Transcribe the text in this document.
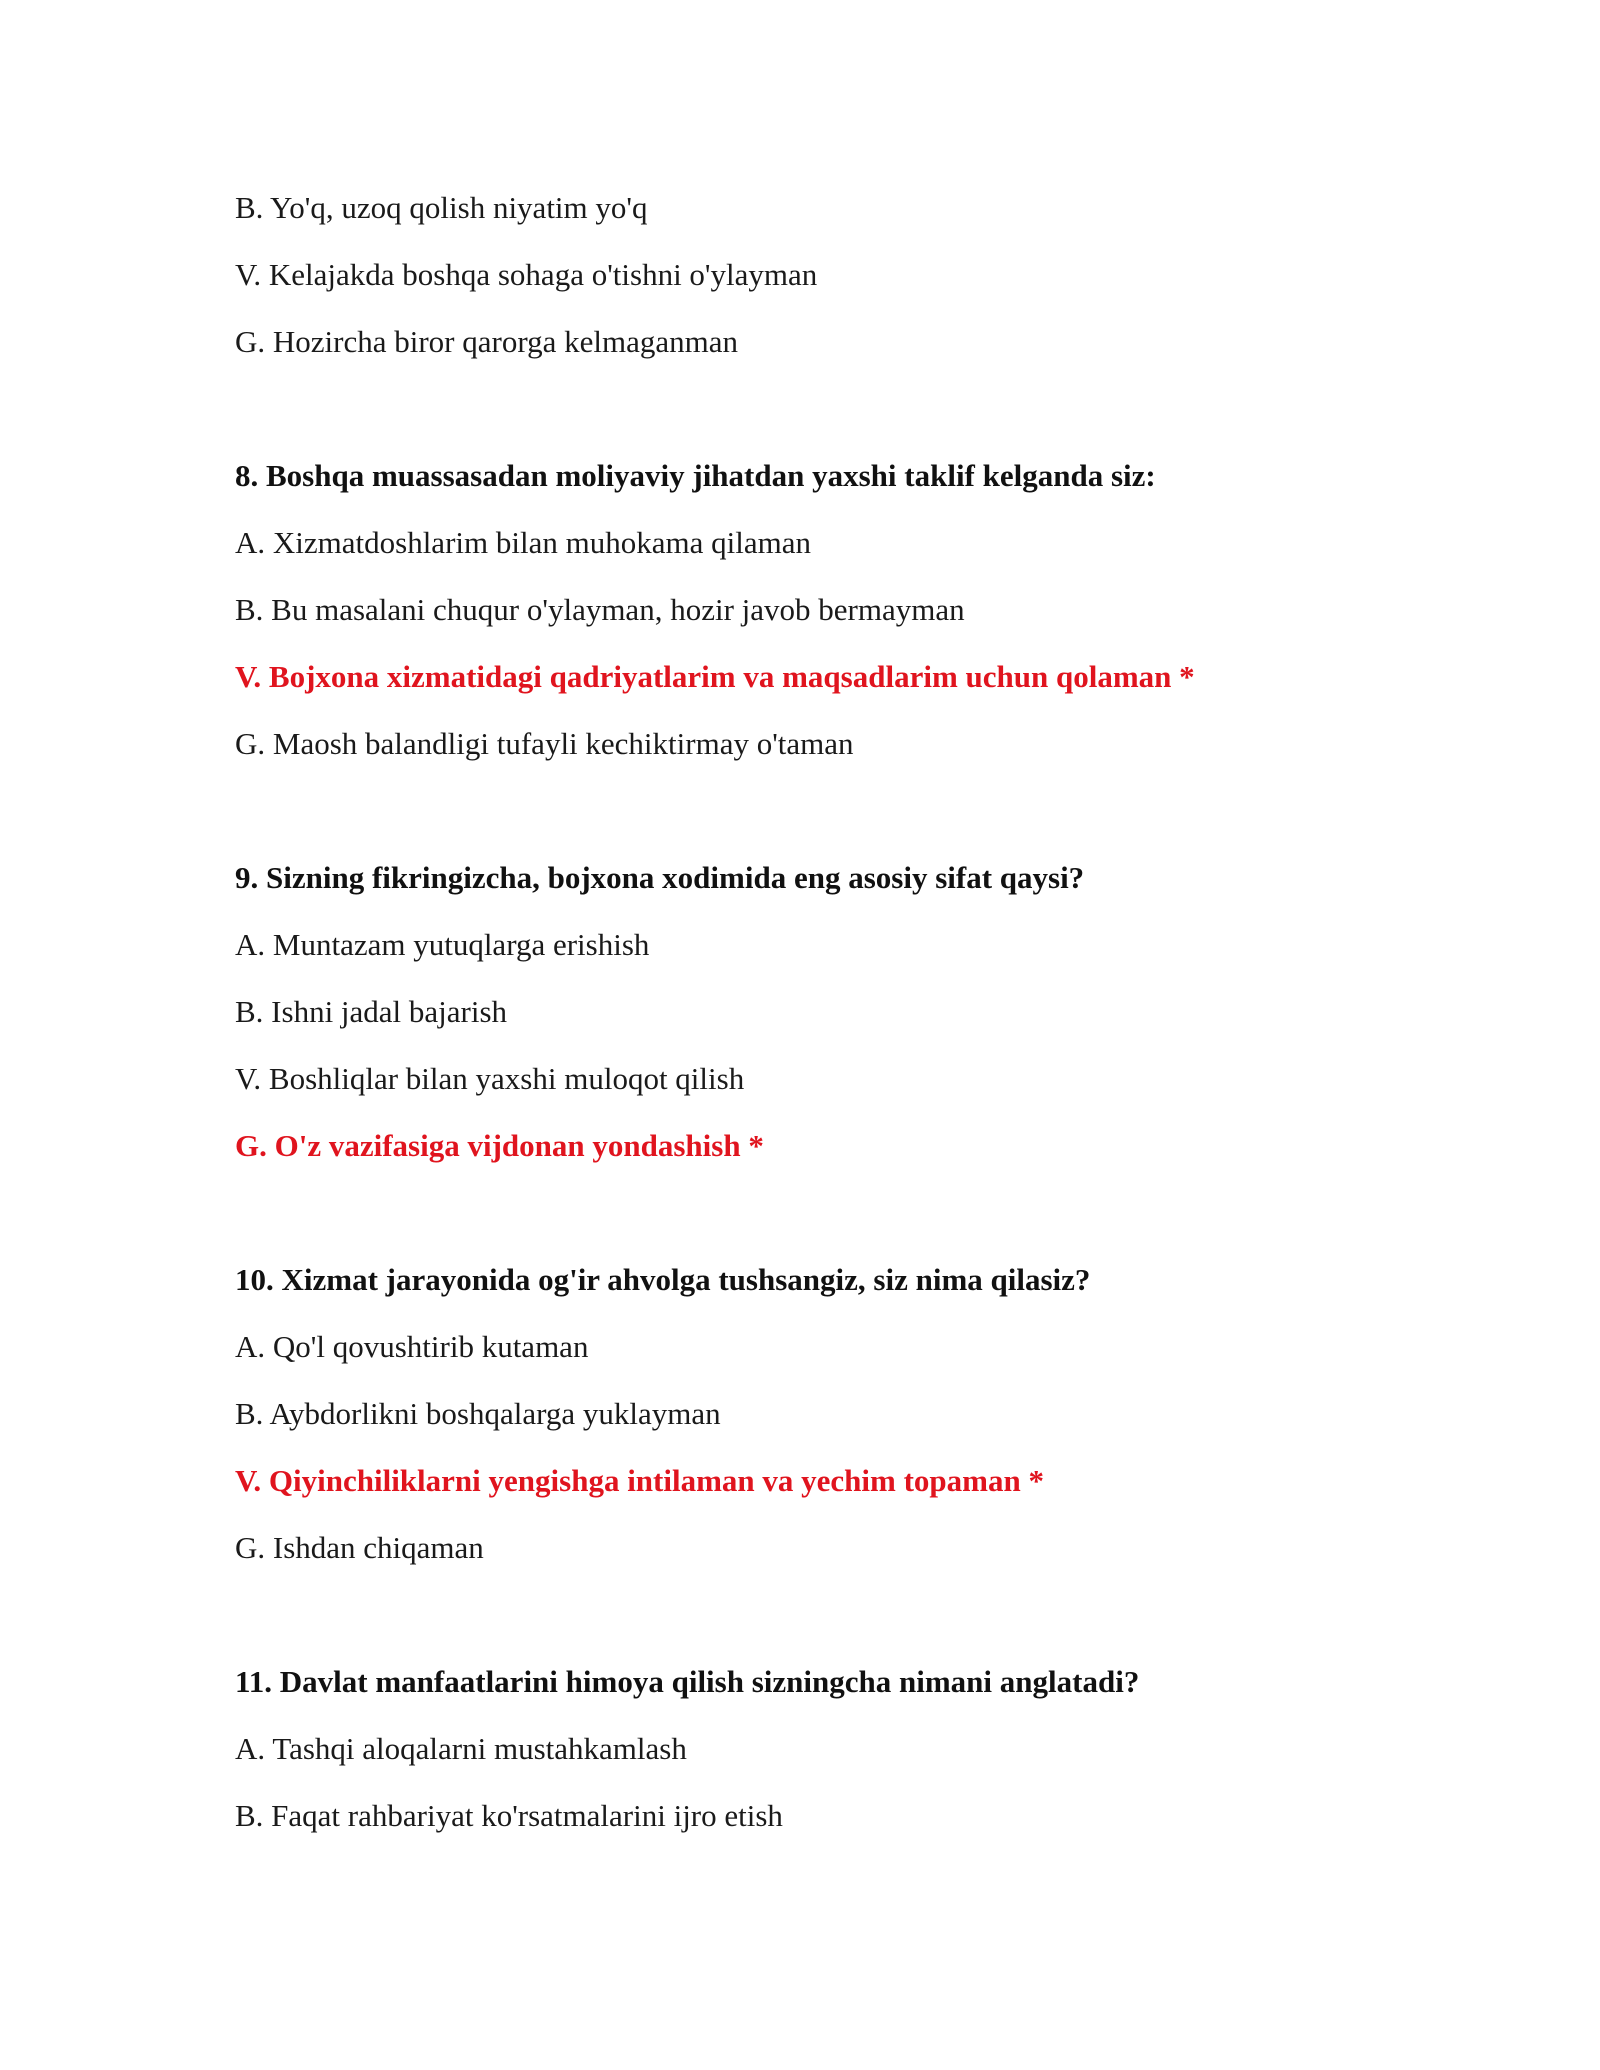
B. Yo'q, uzoq qolish niyatim yo'q

V. Kelajakda boshqa sohaga o'tishni o'ylayman

G. Hozircha biror qarorga kelmaganman

8. Boshqa muassasadan moliyaviy jihatdan yaxshi taklif kelganda siz:

A. Xizmatdoshlarim bilan muhokama qilaman

B. Bu masalani chuqur o'ylayman, hozir javob bermayman

V. Bojxona xizmatidagi qadriyatlarim va maqsadlarim uchun qolaman *

G. Maosh balandligi tufayli kechiktirmay o'taman

9. Sizning fikringizcha, bojxona xodimida eng asosiy sifat qaysi?

A. Muntazam yutuqlarga erishish

B. Ishni jadal bajarish

V. Boshliqlar bilan yaxshi muloqot qilish

G. O'z vazifasiga vijdonan yondashish *

10. Xizmat jarayonida og'ir ahvolga tushsangiz, siz nima qilasiz?

A. Qo'l qovushtirib kutaman

B. Aybdorlikni boshqalarga yuklayman

V. Qiyinchiliklarni yengishga intilaman va yechim topaman *

G. Ishdan chiqaman

11. Davlat manfaatlarini himoya qilish sizningcha nimani anglatadi?

A. Tashqi aloqalarni mustahkamlash

B. Faqat rahbariyat ko'rsatmalarini ijro etish
